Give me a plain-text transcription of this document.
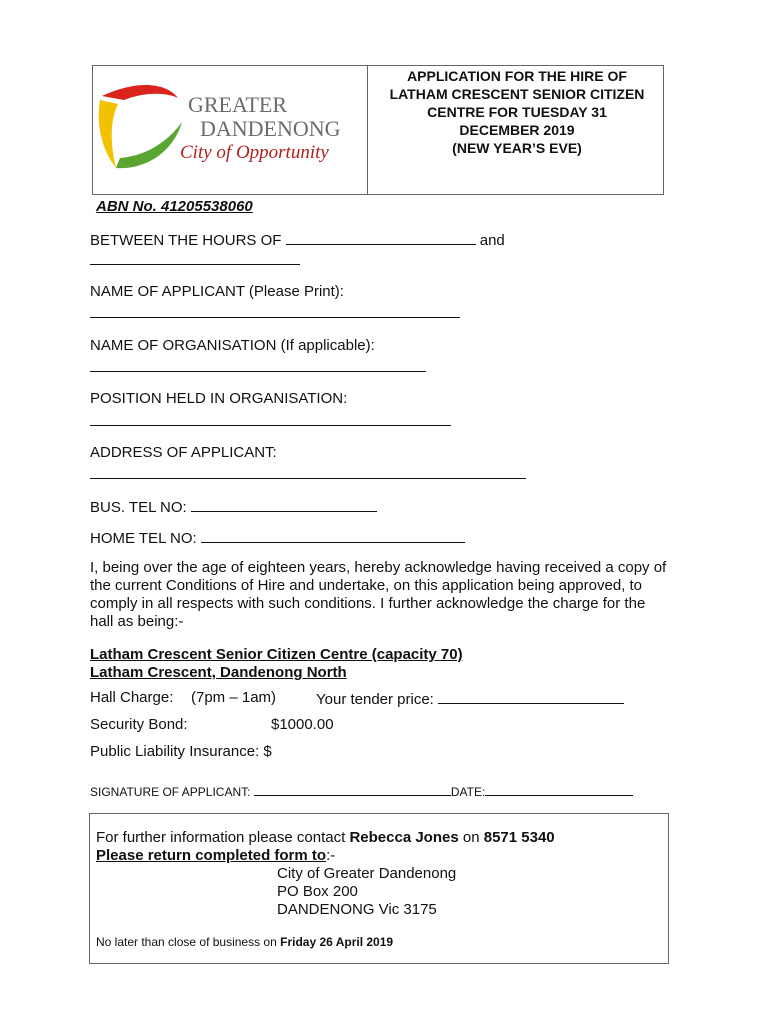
GREATER
DANDENONG
City of Opportunity
APPLICATION FOR THE HIRE OF
LATHAM CRESCENT SENIOR CITIZEN
CENTRE FOR TUESDAY 31
DECEMBER 2019
(NEW YEAR’S EVE)
ABN No. 41205538060
BETWEEN THE HOURS OF	and
NAME OF APPLICANT (Please Print):
NAME OF ORGANISATION (If applicable):
POSITION HELD IN ORGANISATION:
ADDRESS OF APPLICANT:
BUS. TEL NO:
HOME TEL NO:
I, being over the age of eighteen years, hereby acknowledge having received a copy of
the current Conditions of Hire and undertake, on this application being approved, to
comply in all respects with such conditions. I further acknowledge the charge for the
hall as being:-
Latham Crescent Senior Citizen Centre (capacity 70)
Latham Crescent, Dandenong North
Hall Charge: (7pm – 1am)	Your tender price:
Security Bond:	$1000.00
Public Liability Insurance: $
SIGNATURE OF APPLICANT:	DATE:
For further information please contact Rebecca Jones on 8571 5340
Please return completed form to:-
City of Greater Dandenong
PO Box 200
DANDENONG Vic 3175
No later than close of business on Friday 26 April 2019
